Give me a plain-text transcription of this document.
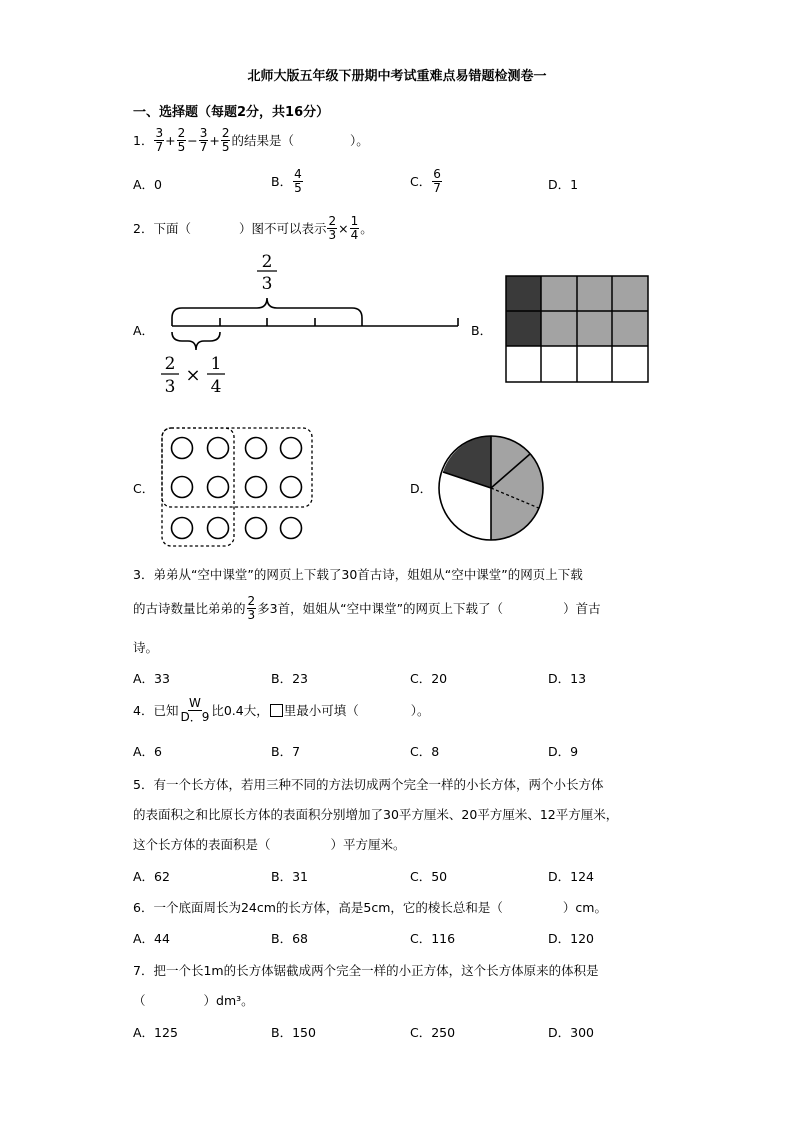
北师大版五年级下册期中考试重难点易错题检测卷一
一、选择题（每题2分，共16分）
1． $\frac{3}{7} + \frac{2}{5} - \frac{3}{7} + \frac{2}{5}$ 的结果是（	）。
A．0	B． $\frac{4}{5}$	C． $\frac{6}{7}$	D．1
2．下面（	）图不可以表示 $\frac{2}{3} \times \frac{1}{4}$ 。
A．	B．
C．	D．
2
3
2
3
×
1
4
3．弟弟从“空中课堂”的网页上下载了30首古诗，姐姐从“空中课堂”的网页上下载
的古诗数量比弟弟的 $\frac{2}{3}$ 多3首，姐姐从“空中课堂”的网页上下载了（	）首古
诗。
A．33	B．23	C．20	D．13
4．已知 $\frac{W}{D.9}$ 比0.4大， 里最小可填（	）。
A．6	B．7	C．8	D．9
5．有一个长方体，若用三种不同的方法切成两个完全一样的小长方体，两个小长方体
的表面积之和比原长方体的表面积分别增加了30平方厘米、20平方厘米、12平方厘米，
这个长方体的表面积是（	）平方厘米。
A．62	B．31	C．50	D．124
6．一个底面周长为24cm的长方体，高是5cm，它的棱长总和是（	）cm。
A．44	B．68	C．116	D．120
7．把一个长1m的长方体锯截成两个完全一样的小正方体，这个长方体原来的体积是
（	）dm³。
A．125	B．150	C．250	D．300
